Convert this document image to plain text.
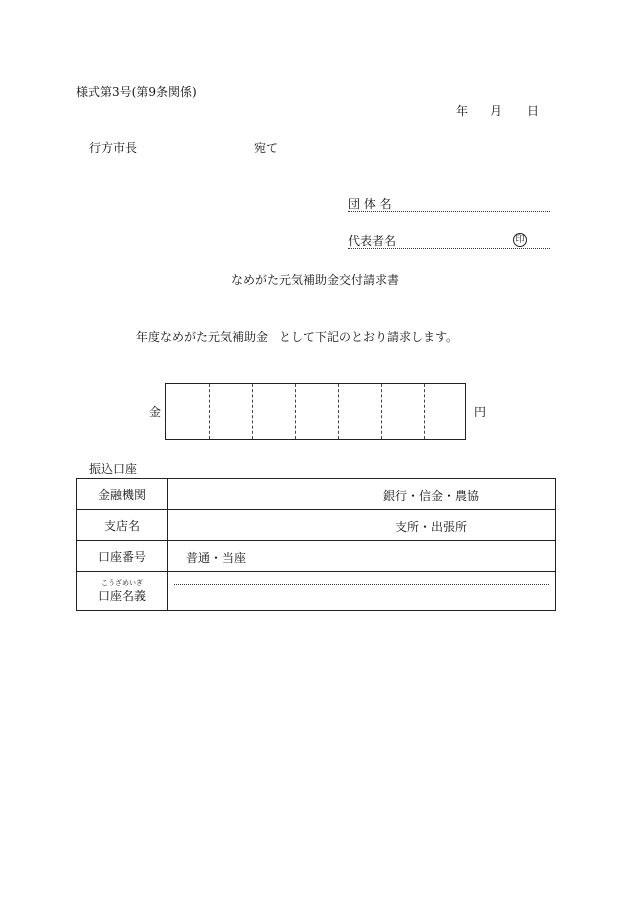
様式第3号(第9条関係)
年 月 日
行方市長	宛て
団 体 名
代表者名	印
なめがた元気補助金交付請求書
年度なめがた元気補助金 として下記のとおり請求します。
金	円
振込口座
金融機関	銀行・信金・農協

支店名	支所・出張所

口座番号	普通・当座

こうざめいぎ
口座名義	
